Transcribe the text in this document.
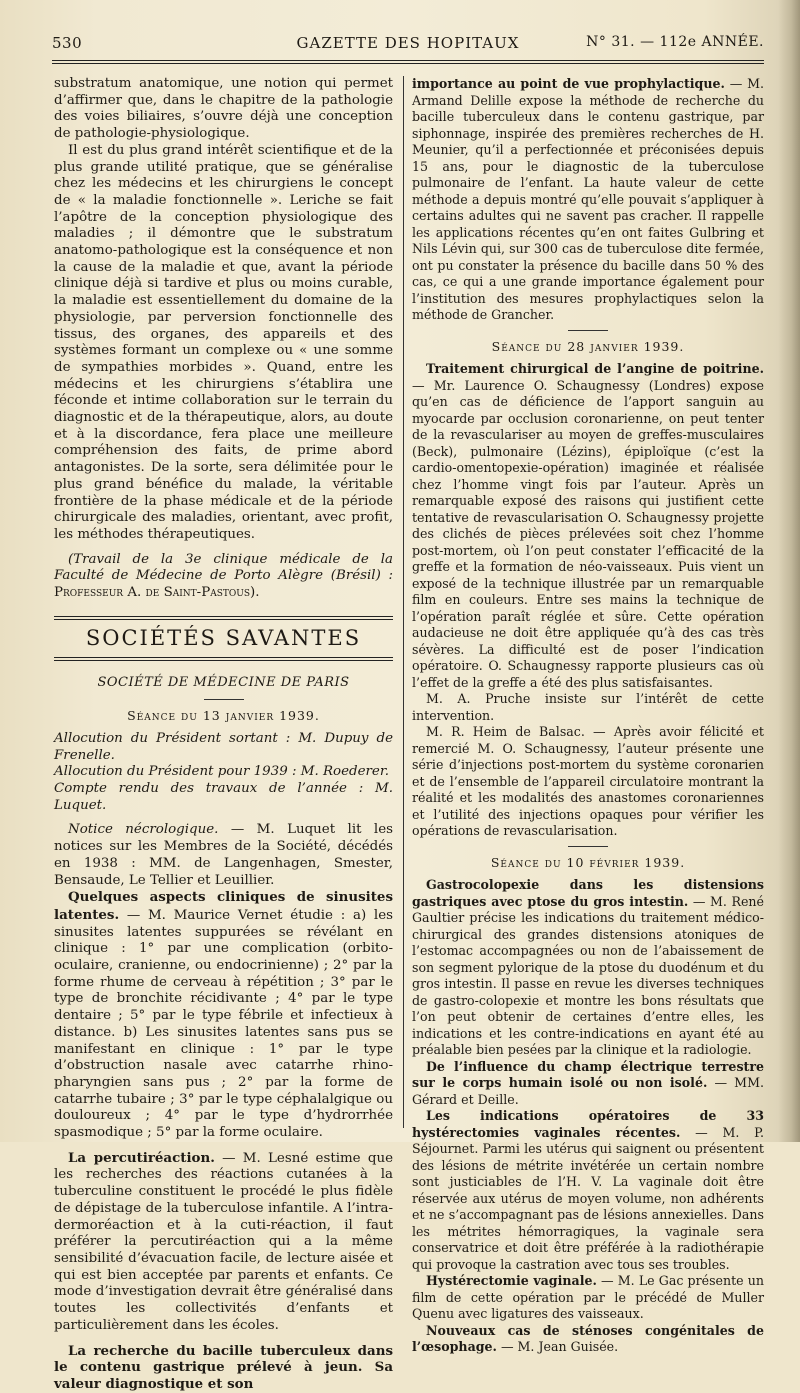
530	GAZETTE DES HOPITAUX	N° 31. — 112e ANNÉE.

substratum anatomique, une notion qui permet d’affirmer que, dans le chapitre de la pathologie des voies biliaires, s’ouvre déjà une conception de pathologie-physiologique.

Il est du plus grand intérêt scientifique et de la plus grande utilité pratique, que se généralise chez les médecins et les chirurgiens le concept de « la maladie fonctionnelle ». Leriche se fait l’apôtre de la conception physiologique des maladies ; il démontre que le substratum anatomo-pathologique est la conséquence et non la cause de la maladie et que, avant la période clinique déjà si tardive et plus ou moins curable, la maladie est essentiellement du domaine de la physiologie, par perversion fonctionnelle des tissus, des organes, des appareils et des systèmes formant un complexe ou « une somme de sympathies morbides ». Quand, entre les médecins et les chirurgiens s’établira une féconde et intime collaboration sur le terrain du diagnostic et de la thérapeutique, alors, au doute et à la discordance, fera place une meilleure compréhension des faits, de prime abord antagonistes. De la sorte, sera délimitée pour le plus grand bénéfice du malade, la véritable frontière de la phase médicale et de la période chirurgicale des maladies, orientant, avec profit, les méthodes thérapeutiques.

(Travail de la 3e clinique médicale de la Faculté de Médecine de Porto Alègre (Brésil) : Professeur A. de Saint-Pastous).

SOCIÉTÉS SAVANTES
SOCIÉTÉ DE MÉDECINE DE PARIS
Séance du 13 janvier 1939.

Allocution du Président sortant : M. Dupuy de Frenelle.

Allocution du Président pour 1939 : M. Roederer.

Compte rendu des travaux de l’année : M. Luquet.

Notice nécrologique. — M. Luquet lit les notices sur les Membres de la Société, décédés en 1938 : MM. de Langenhagen, Smester, Bensaude, Le Tellier et Leuillier.

Quelques aspects cliniques de sinusites latentes. — M. Maurice Vernet étudie : a) les sinusites latentes suppurées se révélant en clinique : 1° par une complication (orbito-oculaire, cranienne, ou endocrinienne) ; 2° par la forme rhume de cerveau à répétition ; 3° par le type de bronchite récidivante ; 4° par le type dentaire ; 5° par le type fébrile et infectieux à distance. b) Les sinusites latentes sans pus se manifestant en clinique : 1° par le type d’obstruction nasale avec catarrhe rhino-pharyngien sans pus ; 2° par la forme de catarrhe tubaire ; 3° par le type céphalalgique ou douloureux ; 4° par le type d’hydrorrhée spasmodique ; 5° par la forme oculaire.

La percutiréaction. — M. Lesné estime que les recherches des réactions cutanées à la tuberculine constituent le procédé le plus fidèle de dépistage de la tuberculose infantile. A l’intra-dermoréaction et à la cuti-réaction, il faut préférer la percutiréaction qui a la même sensibilité d’évacuation facile, de lecture aisée et qui est bien acceptée par parents et enfants. Ce mode d’investigation devrait être généralisé dans toutes les collectivités d’enfants et particulièrement dans les écoles.

La recherche du bacille tuberculeux dans le contenu gastrique prélevé à jeun. Sa valeur diagnostique et son

importance au point de vue prophylactique. — M. Armand Delille expose la méthode de recherche du bacille tuberculeux dans le contenu gastrique, par siphonnage, inspirée des premières recherches de H. Meunier, qu’il a perfectionnée et préconisées depuis 15 ans, pour le diagnostic de la tuberculose pulmonaire de l’enfant. La haute valeur de cette méthode a depuis montré qu’elle pouvait s’appliquer à certains adultes qui ne savent pas cracher. Il rappelle les applications récentes qu’en ont faites Gulbring et Nils Lévin qui, sur 300 cas de tuberculose dite fermée, ont pu constater la présence du bacille dans 50 % des cas, ce qui a une grande importance également pour l’institution des mesures prophylactiques selon la méthode de Grancher.

Séance du 28 janvier 1939.

Traitement chirurgical de l’angine de poitrine. — Mr. Laurence O. Schaugnessy (Londres) expose qu’en cas de déficience de l’apport sanguin au myocarde par occlusion coronarienne, on peut tenter de la revasculariser au moyen de greffes-musculaires (Beck), pulmonaire (Lézins), épiploïque (c’est la cardio-omentopexie-opération) imaginée et réalisée chez l’homme vingt fois par l’auteur. Après un remarquable exposé des raisons qui justifient cette tentative de revascularisation O. Schaugnessy projette des clichés de pièces prélevées soit chez l’homme post-mortem, où l’on peut constater l’efficacité de la greffe et la formation de néo-vaisseaux. Puis vient un exposé de la technique illustrée par un remarquable film en couleurs. Entre ses mains la technique de l’opération paraît réglée et sûre. Cette opération audacieuse ne doit être appliquée qu’à des cas très sévères. La difficulté est de poser l’indication opératoire. O. Schaugnessy rapporte plusieurs cas où l’effet de la greffe a été des plus satisfaisantes.

M. A. Pruche insiste sur l’intérêt de cette intervention.

M. R. Heim de Balsac. — Après avoir félicité et remercié M. O. Schaugnessy, l’auteur présente une série d’injections post-mortem du système coronarien et de l’ensemble de l’appareil circulatoire montrant la réalité et les modalités des anastomes coronariennes et l’utilité des injections opaques pour vérifier les opérations de revascularisation.

Séance du 10 février 1939.

Gastrocolopexie dans les distensions gastriques avec ptose du gros intestin. — M. René Gaultier précise les indications du traitement médico-chirurgical des grandes distensions atoniques de l’estomac accompagnées ou non de l’abaissement de son segment pylorique de la ptose du duodénum et du gros intestin. Il passe en revue les diverses techniques de gastro-colopexie et montre les bons résultats que l’on peut obtenir de certaines d’entre elles, les indications et les contre-indications en ayant été au préalable bien pesées par la clinique et la radiologie.

De l’influence du champ électrique terrestre sur le corps humain isolé ou non isolé. — MM. Gérard et Deille.

Les indications opératoires de 33 hystérectomies vaginales récentes. — M. P. Séjournet. Parmi les utérus qui saignent ou présentent des lésions de métrite invétérée un certain nombre sont justiciables de l’H. V. La vaginale doit être réservée aux utérus de moyen volume, non adhérents et ne s’accompagnant pas de lésions annexielles. Dans les métrites hémorragiques, la vaginale sera conservatrice et doit être préférée à la radiothérapie qui provoque la castration avec tous ses troubles.

Hystérectomie vaginale. — M. Le Gac présente un film de cette opération par le précédé de Muller Quenu avec ligatures des vaisseaux.

Nouveaux cas de sténoses congénitales de l’œsophage. — M. Jean Guisée.
